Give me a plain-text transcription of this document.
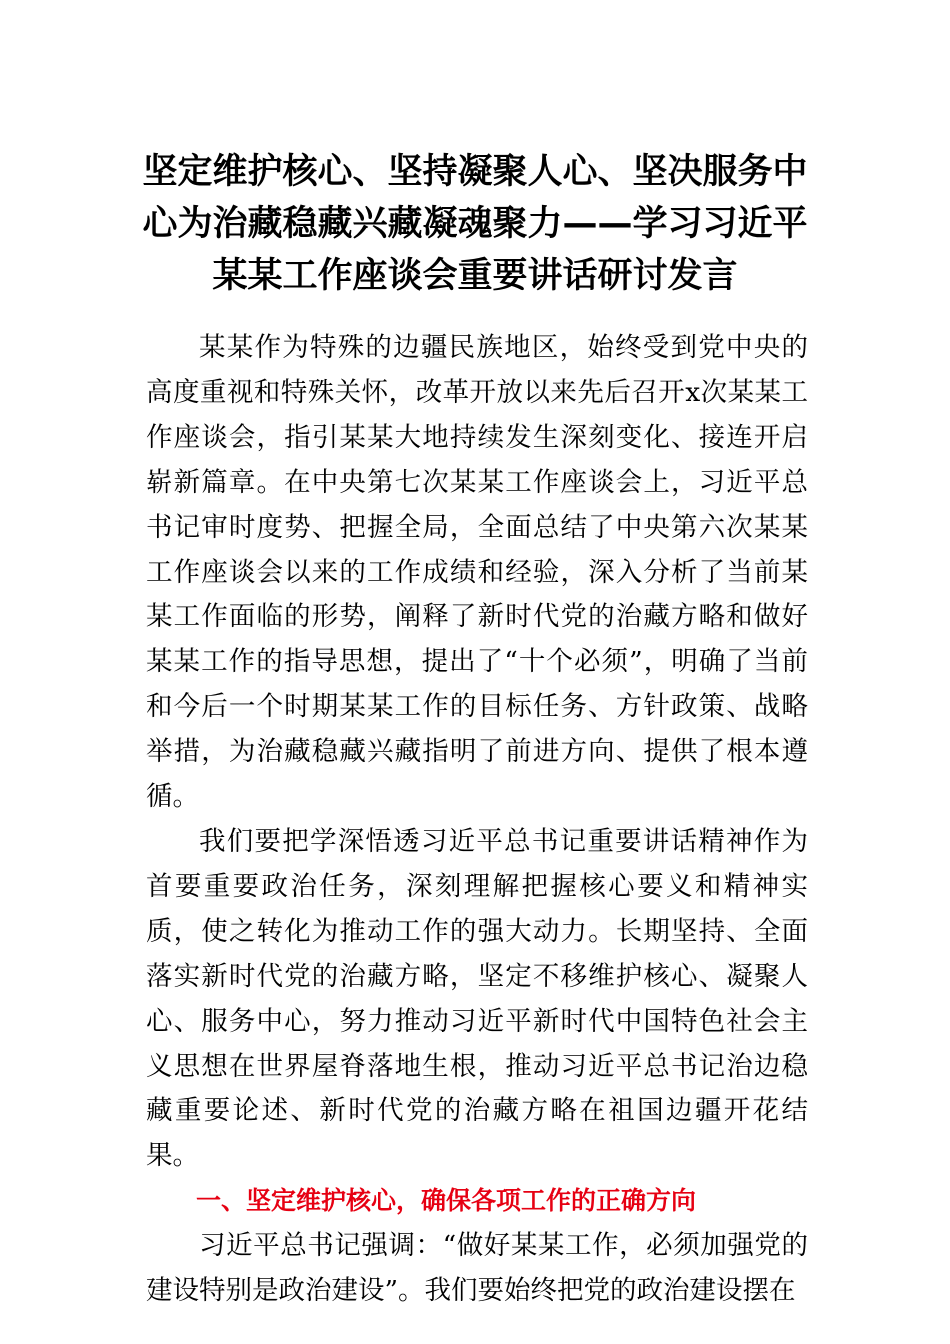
坚定维护核心、坚持凝聚人心、坚决服务中心为治藏稳藏兴藏凝魂聚力——学习习近平某某工作座谈会重要讲话研讨发言

某某作为特殊的边疆民族地区，始终受到党中央的高度重视和特殊关怀，改革开放以来先后召开x次某某工作座谈会，指引某某大地持续发生深刻变化、接连开启崭新篇章。在中央第七次某某工作座谈会上，习近平总书记审时度势、把握全局，全面总结了中央第六次某某工作座谈会以来的工作成绩和经验，深入分析了当前某某工作面临的形势，阐释了新时代党的治藏方略和做好某某工作的指导思想，提出了“十个必须”，明确了当前和今后一个时期某某工作的目标任务、方针政策、战略举措，为治藏稳藏兴藏指明了前进方向、提供了根本遵循。

我们要把学深悟透习近平总书记重要讲话精神作为首要重要政治任务，深刻理解把握核心要义和精神实质，使之转化为推动工作的强大动力。长期坚持、全面落实新时代党的治藏方略，坚定不移维护核心、凝聚人心、服务中心，努力推动习近平新时代中国特色社会主义思想在世界屋脊落地生根，推动习近平总书记治边稳藏重要论述、新时代党的治藏方略在祖国边疆开花结果。

一、坚定维护核心，确保各项工作的正确方向

习近平总书记强调：“做好某某工作，必须加强党的建设特别是政治建设”。我们要始终把党的政治建设摆在
